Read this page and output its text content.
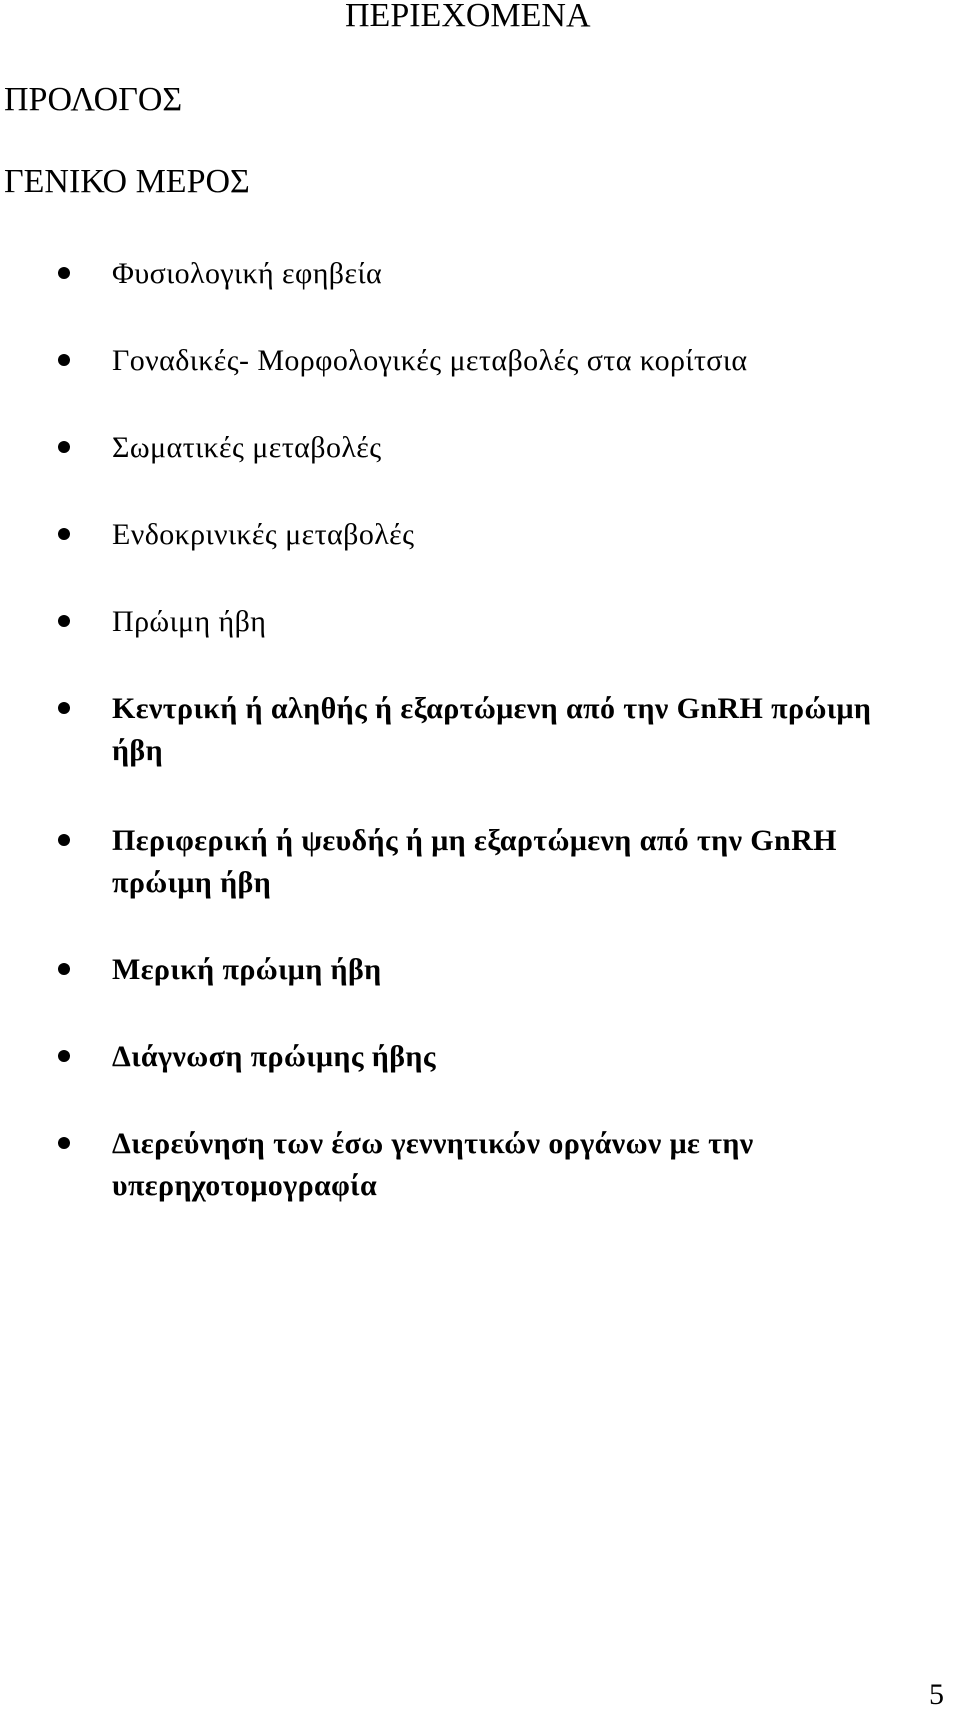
ΠΕΡΙΕΧΟΜΕΝΑ
ΠΡΟΛΟΓΟΣ
ΓΕΝΙΚΟ ΜΕΡΟΣ
Φυσιολογική εφηβεία
Γοναδικές- Μορφολογικές μεταβολές στα κορίτσια
Σωματικές μεταβολές
Ενδοκρινικές μεταβολές
Πρώιμη ήβη
Κεντρική ή αληθής ή εξαρτώμενη από την GnRH πρώιμη ήβη
Περιφερική ή ψευδής ή μη εξαρτώμενη από την GnRH πρώιμη ήβη
Μερική πρώιμη ήβη
Διάγνωση πρώιμης ήβης
Διερεύνηση των έσω γεννητικών οργάνων με την υπερηχοτομογραφία
5
